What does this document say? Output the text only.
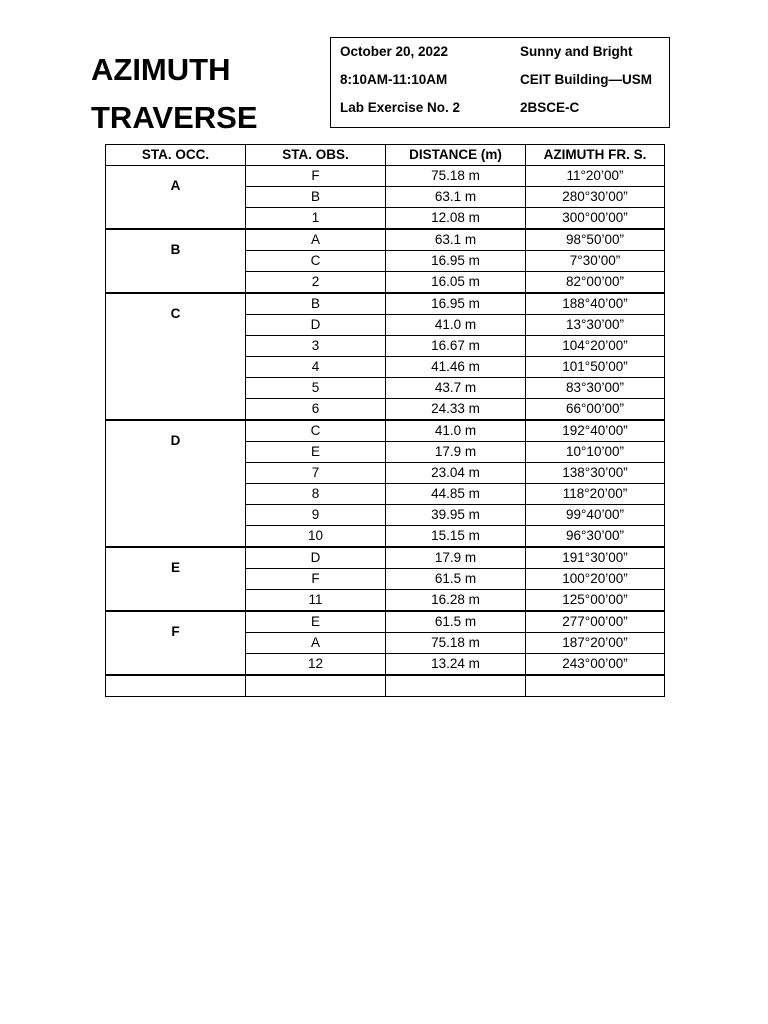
AZIMUTH
TRAVERSE
October 20, 2022	Sunny and Bright
8:10AM-11:10AM	CEIT Building—USM
Lab Exercise No. 2	2BSCE-C
STA. OCC.	STA. OBS.	DISTANCE (m)	AZIMUTH FR. S.
A	F	75.18 m	11°20’00”
	B	63.1 m	280°30’00”
	1	12.08 m	300°00’00”
B	A	63.1 m	98°50’00”
	C	16.95 m	7°30’00”
	2	16.05 m	82°00’00”
C	B	16.95 m	188°40’00”
	D	41.0 m	13°30’00”
	3	16.67 m	104°20’00”
	4	41.46 m	101°50’00”
	5	43.7 m	83°30’00”
	6	24.33 m	66°00’00”
D	C	41.0 m	192°40’00”
	E	17.9 m	10°10’00”
	7	23.04 m	138°30’00”
	8	44.85 m	118°20’00”
	9	39.95 m	99°40’00”
	10	15.15 m	96°30’00”
E	D	17.9 m	191°30’00”
	F	61.5 m	100°20’00”
	11	16.28 m	125°00’00”
F	E	61.5 m	277°00’00”
	A	75.18 m	187°20’00”
	12	13.24 m	243°00’00”
